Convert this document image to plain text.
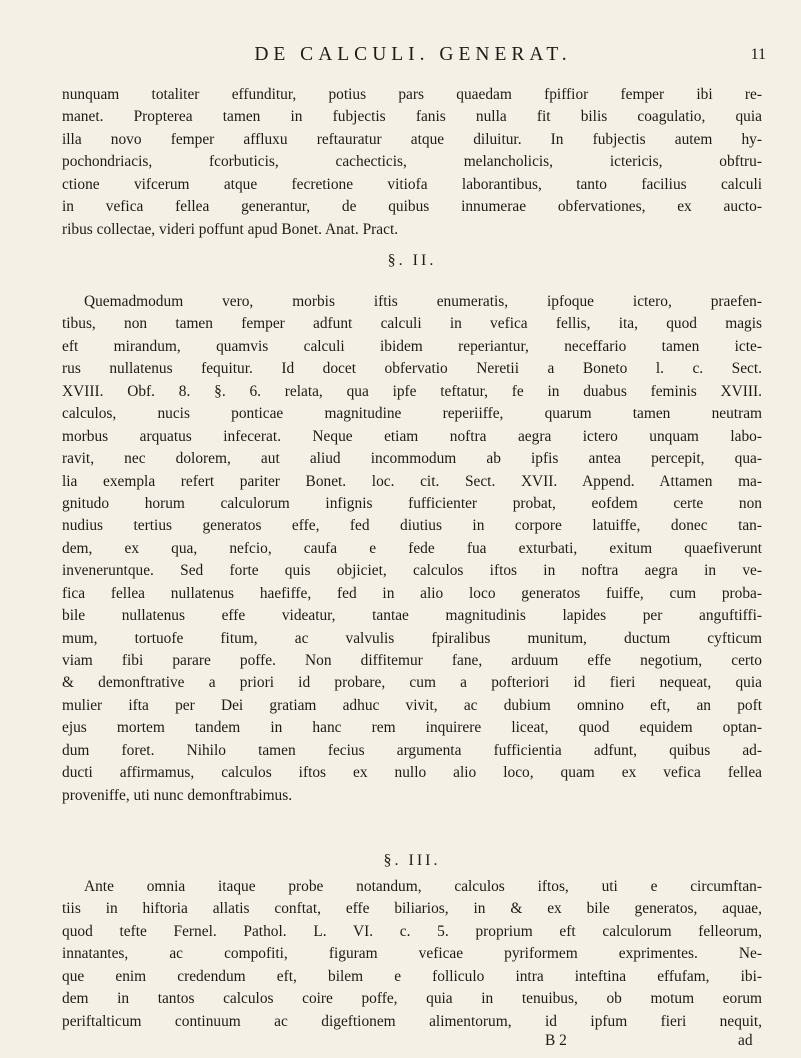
DE CALCULI. GENERAT.	11
nunquam totaliter effunditur, potius pars quaedam fpiffior femper ibi re-
manet. Propterea tamen in fubjectis fanis nulla fit bilis coagulatio, quia
illa novo femper affluxu reftauratur atque diluitur. In fubjectis autem hy-
pochondriacis, fcorbuticis, cachecticis, melancholicis, ictericis, obftru-
ctione vifcerum atque fecretione vitiofa laborantibus, tanto facilius calculi
in vefica fellea generantur, de quibus innumerae obfervationes, ex aucto-
ribus collectae, videri poffunt apud Bonet. Anat. Pract.
§. II.
Quemadmodum vero, morbis iftis enumeratis, ipfoque ictero, praefen-
tibus, non tamen femper adfunt calculi in vefica fellis, ita, quod magis
eft mirandum, quamvis calculi ibidem reperiantur, neceffario tamen icte-
rus nullatenus fequitur. Id docet obfervatio Neretii a Boneto l. c. Sect.
XVIII. Obf. 8. §. 6. relata, qua ipfe teftatur, fe in duabus feminis XVIII.
calculos, nucis ponticae magnitudine reperiiffe, quarum tamen neutram
morbus arquatus infecerat. Neque etiam noftra aegra ictero unquam labo-
ravit, nec dolorem, aut aliud incommodum ab ipfis antea percepit, qua-
lia exempla refert pariter Bonet. loc. cit. Sect. XVII. Append. Attamen ma-
gnitudo horum calculorum infignis fufficienter probat, eofdem certe non
nudius tertius generatos effe, fed diutius in corpore latuiffe, donec tan-
dem, ex qua, nefcio, caufa e fede fua exturbati, exitum quaefiverunt
inveneruntque. Sed forte quis objiciet, calculos iftos in noftra aegra in ve-
fica fellea nullatenus haefiffe, fed in alio loco generatos fuiffe, cum proba-
bile nullatenus effe videatur, tantae magnitudinis lapides per anguftiffi-
mum, tortuofe fitum, ac valvulis fpiralibus munitum, ductum cyfticum
viam fibi parare poffe. Non diffitemur fane, arduum effe negotium, certo
& demonftrative a priori id probare, cum a pofteriori id fieri nequeat, quia
mulier ifta per Dei gratiam adhuc vivit, ac dubium omnino eft, an poft
ejus mortem tandem in hanc rem inquirere liceat, quod equidem optan-
dum foret. Nihilo tamen fecius argumenta fufficientia adfunt, quibus ad-
ducti affirmamus, calculos iftos ex nullo alio loco, quam ex vefica fellea
proveniffe, uti nunc demonftrabimus.
§. III.
Ante omnia itaque probe notandum, calculos iftos, uti e circumftan-
tiis in hiftoria allatis conftat, effe biliarios, in & ex bile generatos, aquae,
quod tefte Fernel. Pathol. L. VI. c. 5. proprium eft calculorum felleorum,
innatantes, ac compofiti, figuram veficae pyriformem exprimentes. Ne-
que enim credendum eft, bilem e folliculo intra inteftina effufam, ibi-
dem in tantos calculos coire poffe, quia in tenuibus, ob motum eorum
periftalticum continuum ac digeftionem alimentorum, id ipfum fieri nequit,
B 2	ad
